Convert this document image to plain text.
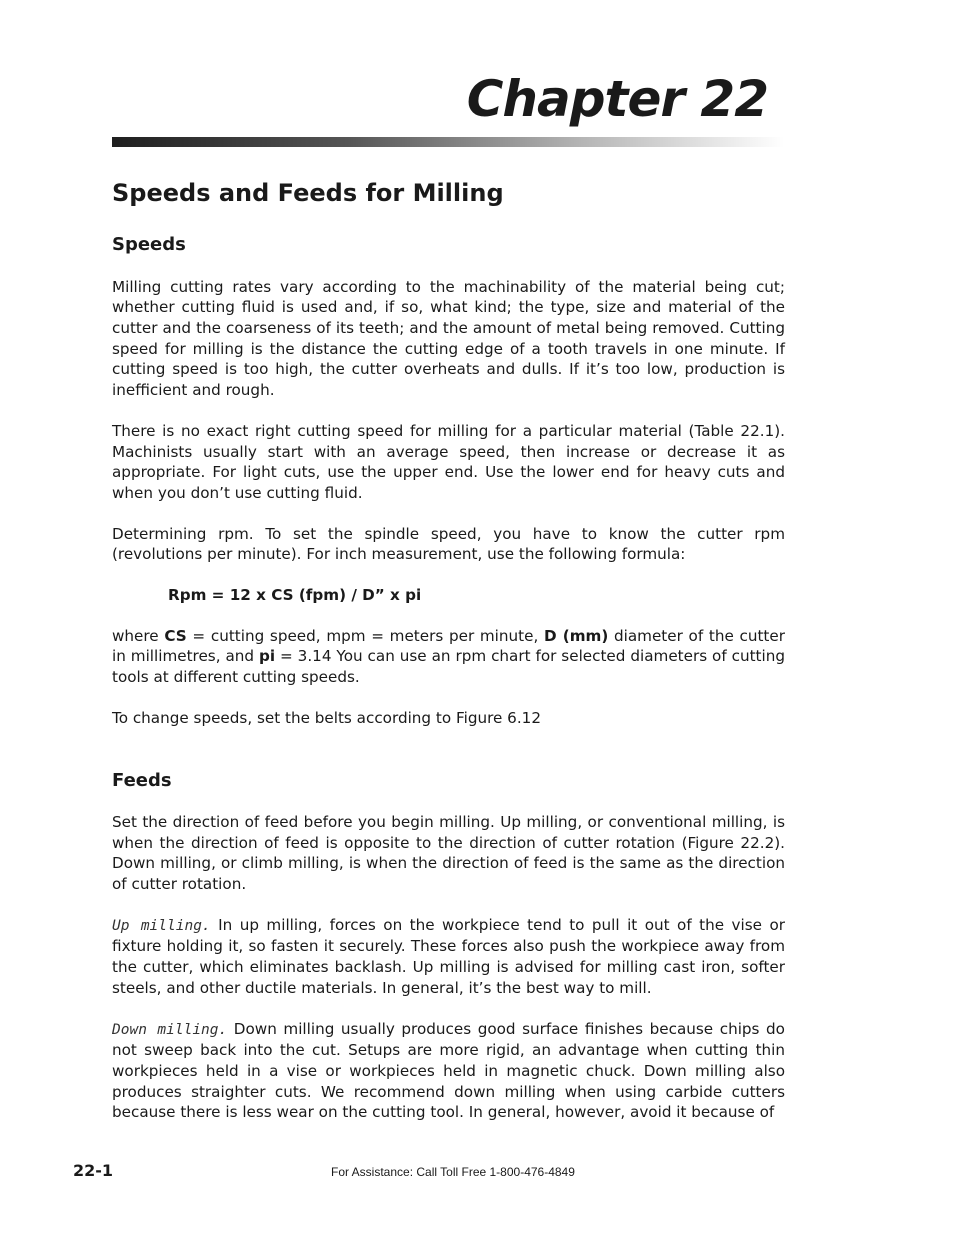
Chapter 22
Speeds and Feeds for Milling
Speeds

Milling cutting rates vary according to the machinability of the material being cut; whether cutting fluid is used and, if so, what kind; the type, size and material of the cutter and the coarseness of its teeth; and the amount of metal being removed. Cutting speed for milling is the distance the cutting edge of a tooth travels in one minute. If cutting speed is too high, the cutter overheats and dulls. If it’s too low, production is inefficient and rough.

There is no exact right cutting speed for milling for a particular material (Table 22.1). Machinists usually start with an average speed, then increase or decrease it as appropriate. For light cuts, use the upper end. Use the lower end for heavy cuts and when you don’t use cutting fluid.

Determining rpm. To set the spindle speed, you have to know the cutter rpm (revolutions per minute). For inch measurement, use the following formula:

Rpm = 12 x CS (fpm) / D” x pi

where CS = cutting speed, mpm = meters per minute, D (mm) diameter of the cutter in millimetres, and pi = 3.14 You can use an rpm chart for selected diameters of cutting tools at different cutting speeds.

To change speeds, set the belts according to Figure 6.12

Feeds

Set the direction of feed before you begin milling. Up milling, or conventional milling, is when the direction of feed is opposite to the direction of cutter rotation (Figure 22.2). Down milling, or climb milling, is when the direction of feed is the same as the direction of cutter rotation.

Up milling. In up milling, forces on the workpiece tend to pull it out of the vise or fixture holding it, so fasten it securely. These forces also push the workpiece away from the cutter, which eliminates backlash. Up milling is advised for milling cast iron, softer steels, and other ductile materials. In general, it’s the best way to mill.

Down milling. Down milling usually produces good surface finishes because chips do not sweep back into the cut. Setups are more rigid, an advantage when cutting thin workpieces held in a vise or workpieces held in magnetic chuck. Down milling also produces straighter cuts. We recommend down milling when using carbide cutters because there is less wear on the cutting tool. In general, however, avoid it because of

22-1	For Assistance: Call Toll Free 1-800-476-4849
